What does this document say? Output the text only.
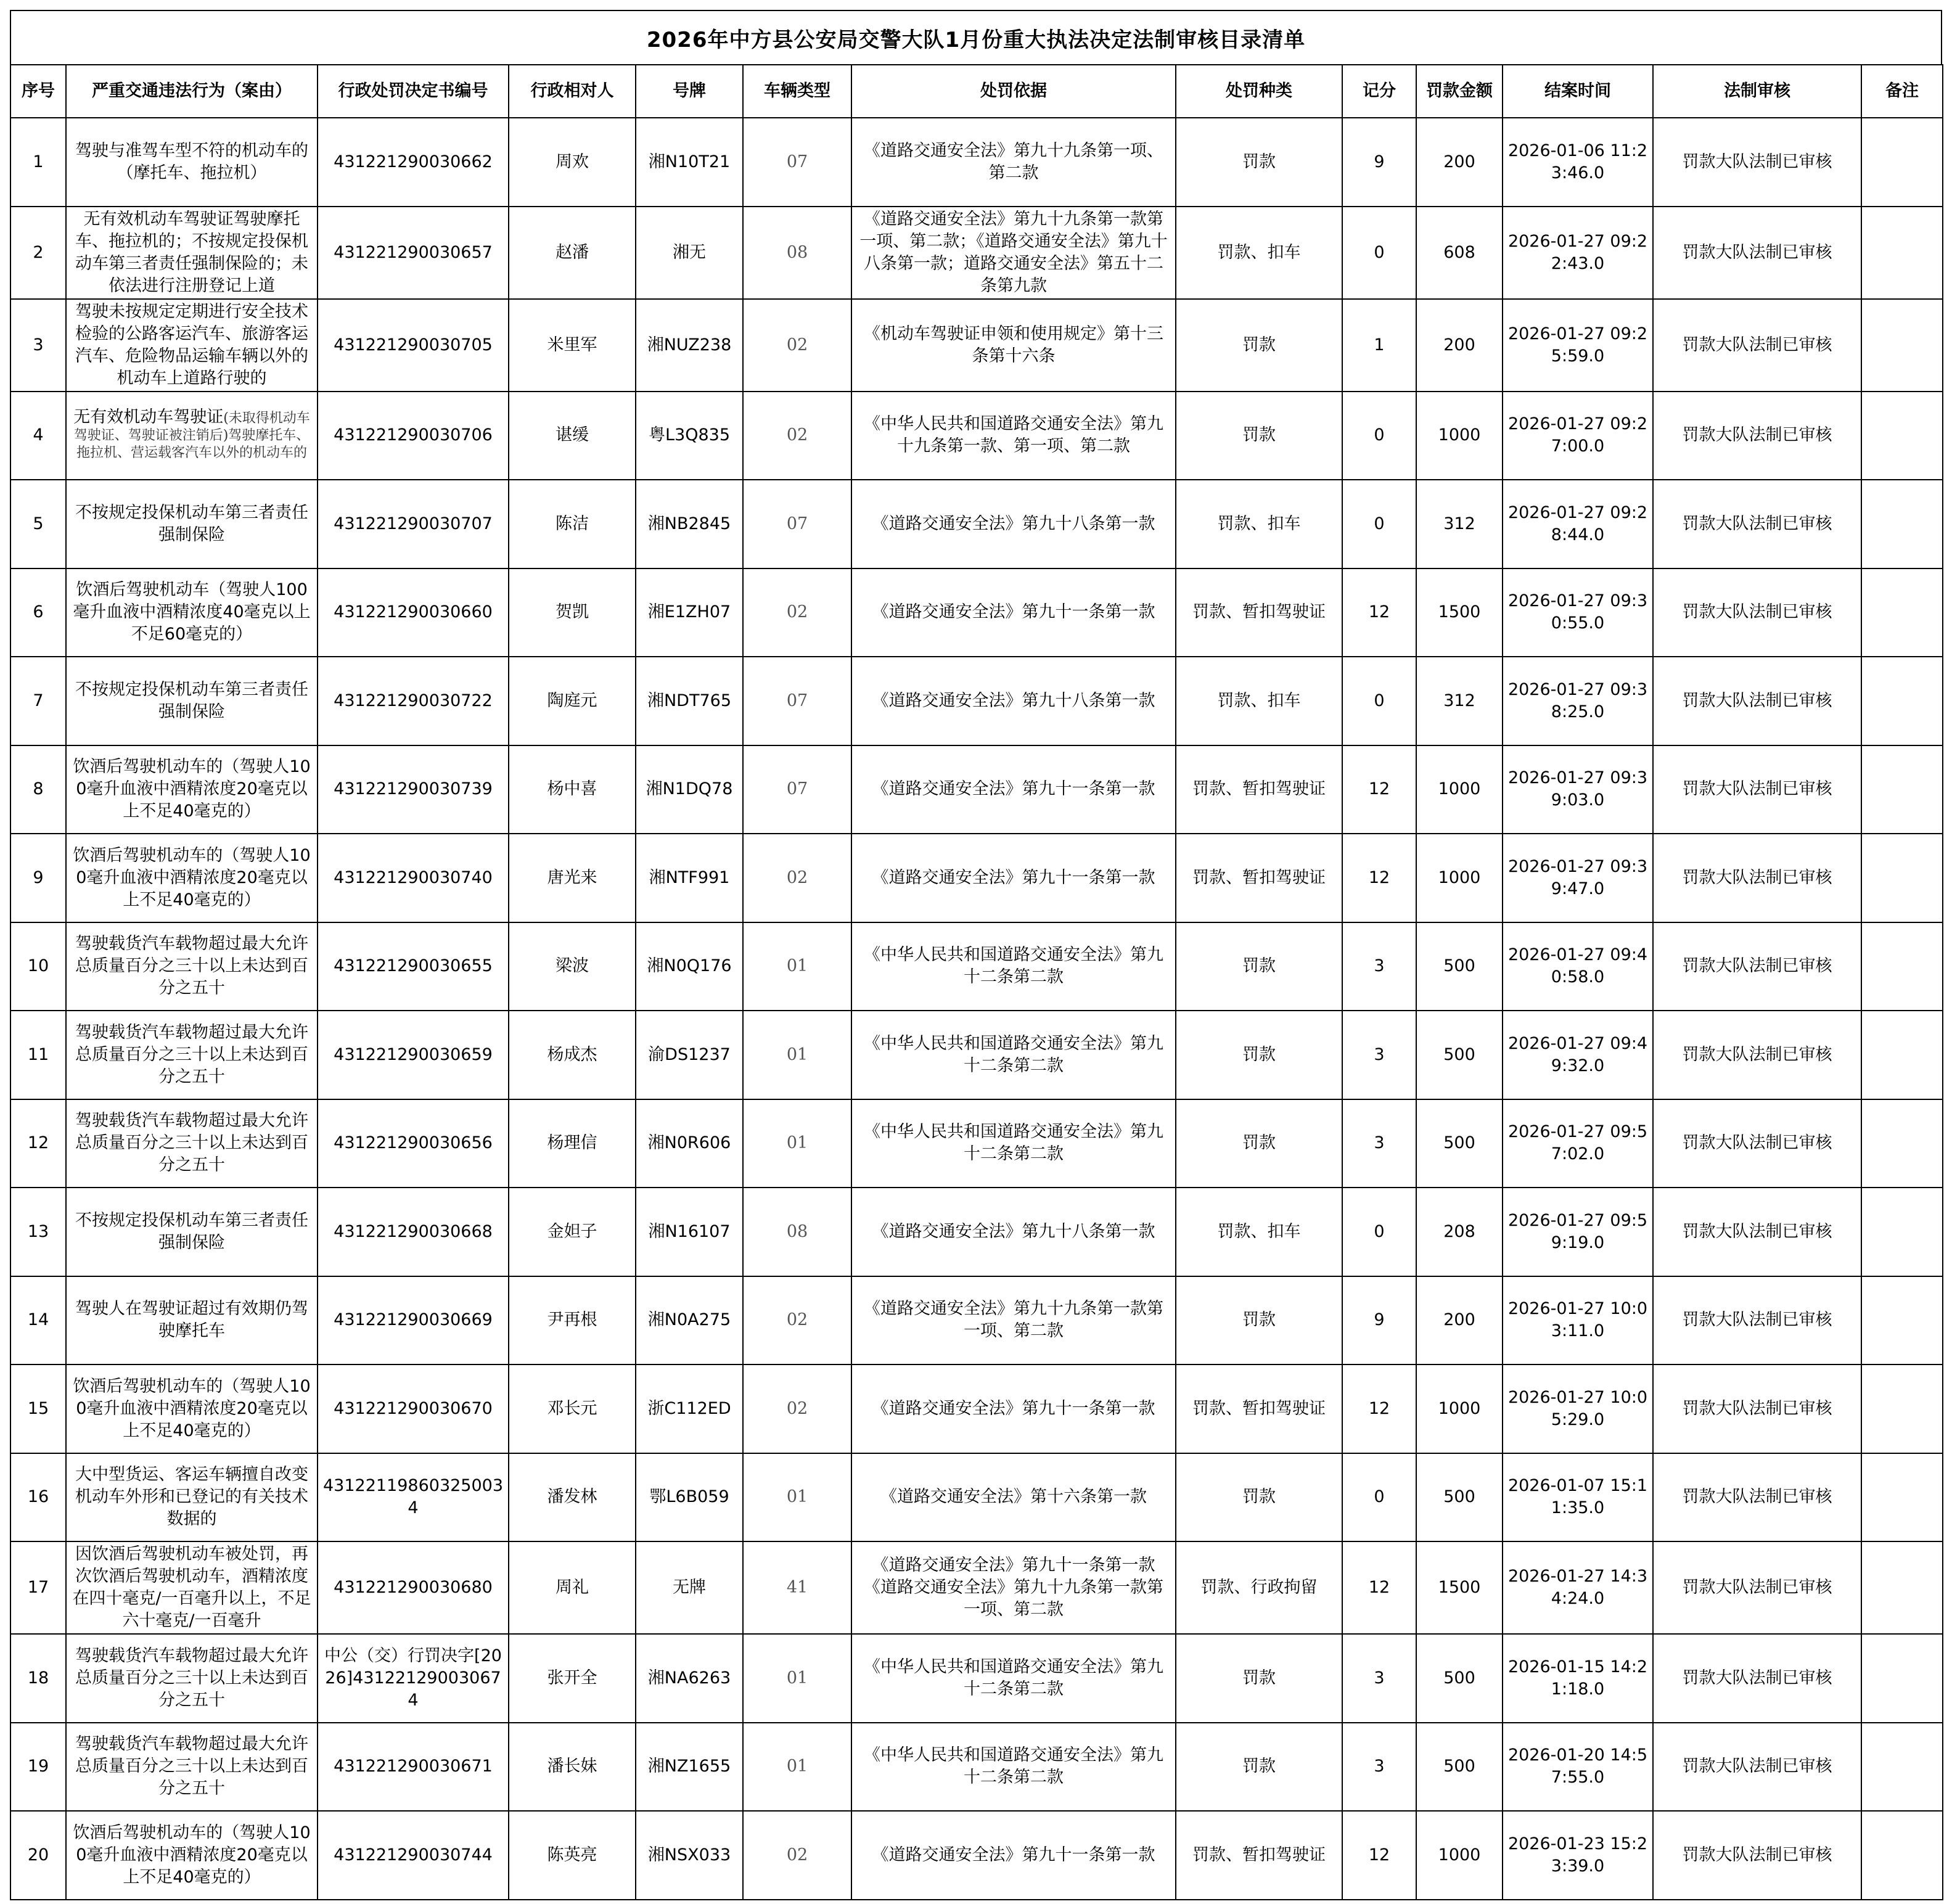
2026年中方县公安局交警大队1月份重大执法决定法制审核目录清单
序号	严重交通违法行为（案由）	行政处罚决定书编号	行政相对人	号牌	车辆类型	处罚依据	处罚种类	记分	罚款金额	结案时间	法制审核	备注
1	驾驶与准驾车型不符的机动车的（摩托车、拖拉机）	431221290030662	周欢	湘N10T21	07	《道路交通安全法》第九十九条第一项、第二款	罚款	9	200	2026-01-06 11:23:46.0	罚款大队法制已审核	
2	无有效机动车驾驶证驾驶摩托车、拖拉机的；不按规定投保机动车第三者责任强制保险的；未依法进行注册登记上道	431221290030657	赵潘	湘无	08	《道路交通安全法》第九十九条第一款第一项、第二款；《道路交通安全法》第九十八条第一款；道路交通安全法》第五十二条第九款	罚款、扣车	0	608	2026-01-27 09:22:43.0	罚款大队法制已审核	
3	驾驶未按规定定期进行安全技术检验的公路客运汽车、旅游客运汽车、危险物品运输车辆以外的机动车上道路行驶的	431221290030705	米里军	湘NUZ238	02	《机动车驾驶证申领和使用规定》第十三条第十六条	罚款	1	200	2026-01-27 09:25:59.0	罚款大队法制已审核	
4	无有效机动车驾驶证(未取得机动车驾驶证、驾驶证被注销后)驾驶摩托车、拖拉机、营运载客汽车以外的机动车的	431221290030706	谌缓	粤L3Q835	02	《中华人民共和国道路交通安全法》第九十九条第一款、第一项、第二款	罚款	0	1000	2026-01-27 09:27:00.0	罚款大队法制已审核	
5	不按规定投保机动车第三者责任强制保险	431221290030707	陈洁	湘NB2845	07	《道路交通安全法》第九十八条第一款	罚款、扣车	0	312	2026-01-27 09:28:44.0	罚款大队法制已审核	
6	饮酒后驾驶机动车（驾驶人100毫升血液中酒精浓度40毫克以上不足60毫克的）	431221290030660	贺凯	湘E1ZH07	02	《道路交通安全法》第九十一条第一款	罚款、暂扣驾驶证	12	1500	2026-01-27 09:30:55.0	罚款大队法制已审核	
7	不按规定投保机动车第三者责任强制保险	431221290030722	陶庭元	湘NDT765	07	《道路交通安全法》第九十八条第一款	罚款、扣车	0	312	2026-01-27 09:38:25.0	罚款大队法制已审核	
8	饮酒后驾驶机动车的（驾驶人100毫升血液中酒精浓度20毫克以上不足40毫克的）	431221290030739	杨中喜	湘N1DQ78	07	《道路交通安全法》第九十一条第一款	罚款、暂扣驾驶证	12	1000	2026-01-27 09:39:03.0	罚款大队法制已审核	
9	饮酒后驾驶机动车的（驾驶人100毫升血液中酒精浓度20毫克以上不足40毫克的）	431221290030740	唐光来	湘NTF991	02	《道路交通安全法》第九十一条第一款	罚款、暂扣驾驶证	12	1000	2026-01-27 09:39:47.0	罚款大队法制已审核	
10	驾驶载货汽车载物超过最大允许总质量百分之三十以上未达到百分之五十	431221290030655	梁波	湘N0Q176	01	《中华人民共和国道路交通安全法》第九十二条第二款	罚款	3	500	2026-01-27 09:40:58.0	罚款大队法制已审核	
11	驾驶载货汽车载物超过最大允许总质量百分之三十以上未达到百分之五十	431221290030659	杨成杰	渝DS1237	01	《中华人民共和国道路交通安全法》第九十二条第二款	罚款	3	500	2026-01-27 09:49:32.0	罚款大队法制已审核	
12	驾驶载货汽车载物超过最大允许总质量百分之三十以上未达到百分之五十	431221290030656	杨理信	湘N0R606	01	《中华人民共和国道路交通安全法》第九十二条第二款	罚款	3	500	2026-01-27 09:57:02.0	罚款大队法制已审核	
13	不按规定投保机动车第三者责任强制保险	431221290030668	金妲子	湘N16107	08	《道路交通安全法》第九十八条第一款	罚款、扣车	0	208	2026-01-27 09:59:19.0	罚款大队法制已审核	
14	驾驶人在驾驶证超过有效期仍驾驶摩托车	431221290030669	尹再根	湘N0A275	02	《道路交通安全法》第九十九条第一款第一项、第二款	罚款	9	200	2026-01-27 10:03:11.0	罚款大队法制已审核	
15	饮酒后驾驶机动车的（驾驶人100毫升血液中酒精浓度20毫克以上不足40毫克的）	431221290030670	邓长元	浙C112ED	02	《道路交通安全法》第九十一条第一款	罚款、暂扣驾驶证	12	1000	2026-01-27 10:05:29.0	罚款大队法制已审核	
16	大中型货运、客运车辆擅自改变机动车外形和已登记的有关技术数据的	431221198603250034	潘发林	鄂L6B059	01	《道路交通安全法》第十六条第一款	罚款	0	500	2026-01-07 15:11:35.0	罚款大队法制已审核	
17	因饮酒后驾驶机动车被处罚，再次饮酒后驾驶机动车，酒精浓度在四十毫克/一百毫升以上，不足六十毫克/一百毫升	431221290030680	周礼	无牌	41	《道路交通安全法》第九十一条第一款《道路交通安全法》第九十九条第一款第一项、第二款	罚款、行政拘留	12	1500	2026-01-27 14:34:24.0	罚款大队法制已审核	
18	驾驶载货汽车载物超过最大允许总质量百分之三十以上未达到百分之五十	中公（交）行罚决字[2026]431221290030674	张开全	湘NA6263	01	《中华人民共和国道路交通安全法》第九十二条第二款	罚款	3	500	2026-01-15 14:21:18.0	罚款大队法制已审核	
19	驾驶载货汽车载物超过最大允许总质量百分之三十以上未达到百分之五十	431221290030671	潘长妹	湘NZ1655	01	《中华人民共和国道路交通安全法》第九十二条第二款	罚款	3	500	2026-01-20 14:57:55.0	罚款大队法制已审核	
20	饮酒后驾驶机动车的（驾驶人100毫升血液中酒精浓度20毫克以上不足40毫克的）	431221290030744	陈英亮	湘NSX033	02	《道路交通安全法》第九十一条第一款	罚款、暂扣驾驶证	12	1000	2026-01-23 15:23:39.0	罚款大队法制已审核	
